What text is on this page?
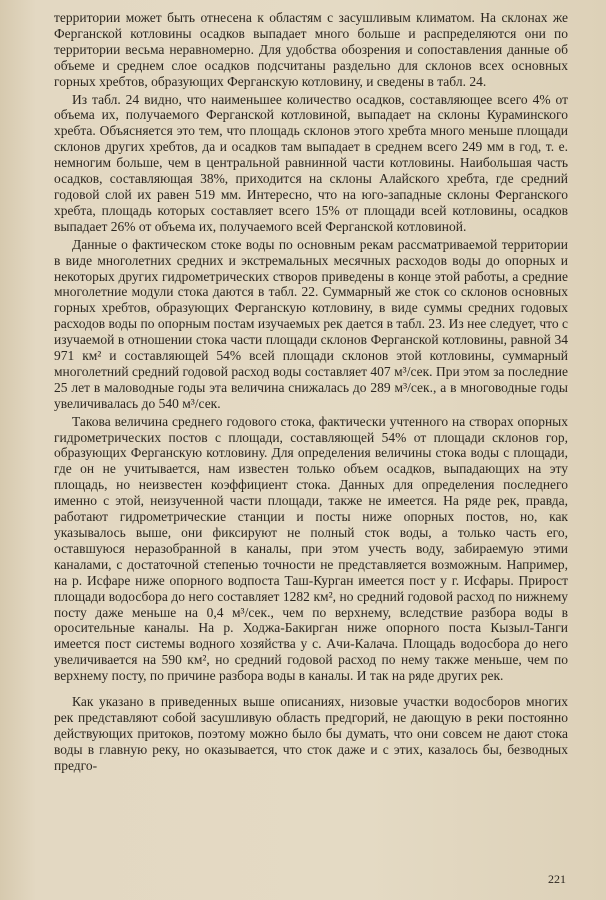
территории может быть отнесена к областям с засушливым климатом. На склонах же Ферганской котловины осадков выпадает много больше и распределяются они по территории весьма неравномерно. Для удобства обозрения и сопоставления данные об объеме и среднем слое осадков подсчитаны раздельно для склонов всех основных горных хребтов, образующих Ферганскую котловину, и сведены в табл. 24.

Из табл. 24 видно, что наименьшее количество осадков, составляющее всего 4% от объема их, получаемого Ферганской котловиной, выпадает на склоны Кураминского хребта. Объясняется это тем, что площадь склонов этого хребта много меньше площади склонов других хребтов, да и осадков там выпадает в среднем всего 249 мм в год, т. е. немногим больше, чем в центральной равнинной части котловины. Наибольшая часть осадков, составляющая 38%, приходится на склоны Алайского хребта, где средний годовой слой их равен 519 мм. Интересно, что на юго-западные склоны Ферганского хребта, площадь которых составляет всего 15% от площади всей котловины, осадков выпадает 26% от объема их, получаемого всей Ферганской котловиной.

Данные о фактическом стоке воды по основным рекам рассматриваемой территории в виде многолетних средних и экстремальных месячных расходов воды до опорных и некоторых других гидрометрических створов приведены в конце этой работы, а средние многолетние модули стока даются в табл. 22. Суммарный же сток со склонов основных горных хребтов, образующих Ферганскую котловину, в виде суммы средних годовых расходов воды по опорным постам изучаемых рек дается в табл. 23. Из нее следует, что с изучаемой в отношении стока части площади склонов Ферганской котловины, равной 34 971 км² и составляющей 54% всей площади склонов этой котловины, суммарный многолетний средний годовой расход воды составляет 407 м³/сек. При этом за последние 25 лет в маловодные годы эта величина снижалась до 289 м³/сек., а в многоводные годы увеличивалась до 540 м³/сек.

Такова величина среднего годового стока, фактически учтенного на створах опорных гидрометрических постов с площади, составляющей 54% от площади склонов гор, образующих Ферганскую котловину. Для определения величины стока воды с площади, где он не учитывается, нам известен только объем осадков, выпадающих на эту площадь, но неизвестен коэффициент стока. Данных для определения последнего именно с этой, неизученной части площади, также не имеется. На ряде рек, правда, работают гидрометрические станции и посты ниже опорных постов, но, как указывалось выше, они фиксируют не полный сток воды, а только часть его, оставшуюся неразобранной в каналы, при этом учесть воду, забираемую этими каналами, с достаточной степенью точности не представляется возможным. Например, на р. Исфаре ниже опорного водпоста Таш-Курган имеется пост у г. Исфары. Прирост площади водосбора до него составляет 1282 км², но средний годовой расход по нижнему посту даже меньше на 0,4 м³/сек., чем по верхнему, вследствие разбора воды в оросительные каналы. На р. Ходжа-Бакирган ниже опорного поста Кызыл-Танги имеется пост системы водного хозяйства у с. Ачи-Калача. Площадь водосбора до него увеличивается на 590 км², но средний годовой расход по нему также меньше, чем по верхнему посту, по причине разбора воды в каналы. И так на ряде других рек.

Как указано в приведенных выше описаниях, низовые участки водосборов многих рек представляют собой засушливую область предгорий, не дающую в реки постоянно действующих притоков, поэтому можно было бы думать, что они совсем не дают стока воды в главную реку, но оказывается, что сток даже и с этих, казалось бы, безводных предго-

221
